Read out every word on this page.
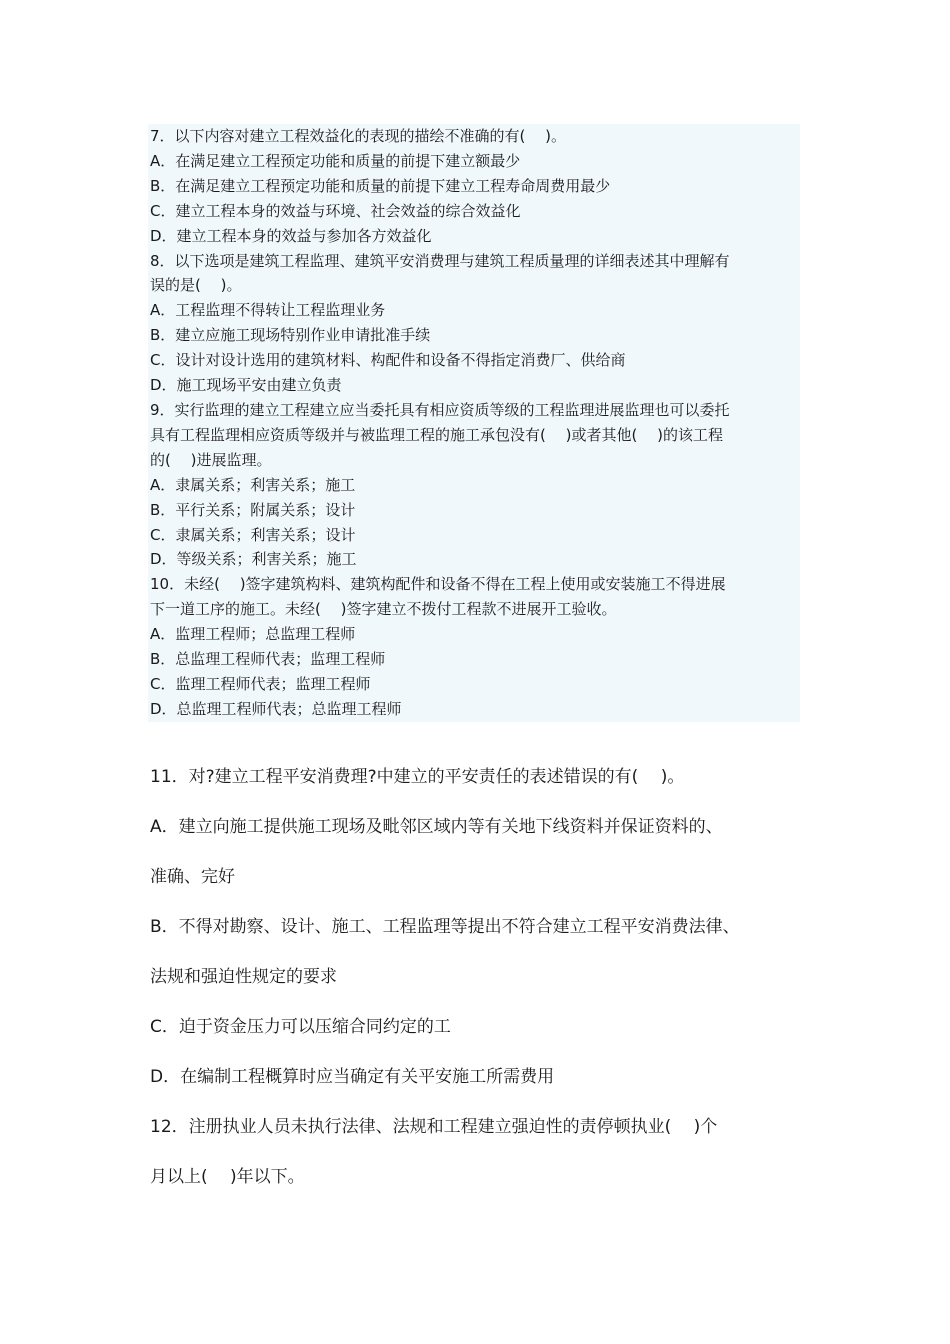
7．以下内容对建立工程效益化的表现的描绘不准确的有(　 )。
A．在满足建立工程预定功能和质量的前提下建立额最少
B．在满足建立工程预定功能和质量的前提下建立工程寿命周费用最少
C．建立工程本身的效益与环境、社会效益的综合效益化
D．建立工程本身的效益与参加各方效益化
8．以下选项是建筑工程监理、建筑平安消费理与建筑工程质量理的详细表述其中理解有
误的是(　 )。
A．工程监理不得转让工程监理业务
B．建立应施工现场特别作业申请批准手续
C．设计对设计选用的建筑材料、构配件和设备不得指定消费厂、供给商
D．施工现场平安由建立负责
9．实行监理的建立工程建立应当委托具有相应资质等级的工程监理进展监理也可以委托
具有工程监理相应资质等级并与被监理工程的施工承包没有(　 )或者其他(　 )的该工程
的(　 )进展监理。
A．隶属关系；利害关系；施工
B．平行关系；附属关系；设计
C．隶属关系；利害关系；设计
D．等级关系；利害关系；施工
10．未经(　 )签字建筑构料、建筑构配件和设备不得在工程上使用或安装施工不得进展
下一道工序的施工。未经(　 )签字建立不拨付工程款不进展开工验收。
A．监理工程师；总监理工程师
B．总监理工程师代表；监理工程师
C．监理工程师代表；监理工程师
D．总监理工程师代表；总监理工程师
11．对?建立工程平安消费理?中建立的平安责任的表述错误的有(　 )。
A．建立向施工提供施工现场及毗邻区域内等有关地下线资料并保证资料的、
准确、完好
B．不得对勘察、设计、施工、工程监理等提出不符合建立工程平安消费法律、
法规和强迫性规定的要求
C．迫于资金压力可以压缩合同约定的工
D．在编制工程概算时应当确定有关平安施工所需费用
12．注册执业人员未执行法律、法规和工程建立强迫性的责停顿执业(　 )个
月以上(　 )年以下。
